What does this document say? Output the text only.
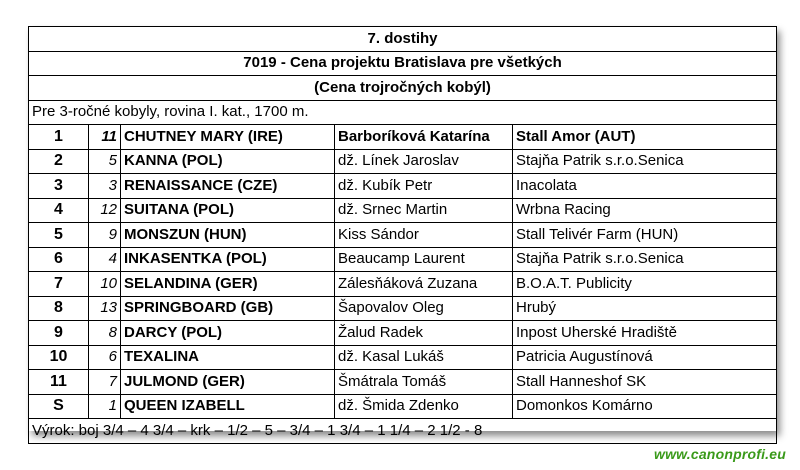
7. dostihy				
7019 - Cena projektu Bratislava pre všetkých				
(Cena trojročných kobýl)				
Pre 3-ročné kobyly, rovina I. kat., 1700 m.				
1	11	CHUTNEY MARY (IRE)	Barboríková Katarína	Stall Amor (AUT)
2	5	KANNA (POL)	dž. Línek Jaroslav	Stajňa Patrik s.r.o.Senica
3	3	RENAISSANCE (CZE)	dž. Kubík Petr	Inacolata
4	12	SUITANA (POL)	dž. Srnec Martin	Wrbna Racing
5	9	MONSZUN (HUN)	Kiss Sándor	Stall Telivér Farm (HUN)
6	4	INKASENTKA (POL)	Beaucamp Laurent	Stajňa Patrik s.r.o.Senica
7	10	SELANDINA (GER)	Zálesňáková Zuzana	B.O.A.T. Publicity
8	13	SPRINGBOARD (GB)	Šapovalov Oleg	Hrubý
9	8	DARCY (POL)	Žalud Radek	Inpost Uherské Hradiště
10	6	TEXALINA	dž. Kasal Lukáš	Patricia Augustínová
11	7	JULMOND (GER)	Šmátrala Tomáš	Stall Hanneshof SK
S	1	QUEEN IZABELL	dž. Šmida Zdenko	Domonkos Komárno
Výrok: boj 3/4 – 4 3/4 – krk – 1/2 – 5 – 3/4 – 1 3/4 – 1 1/4 – 2 1/2 - 8				
www.canonprofi.eu
